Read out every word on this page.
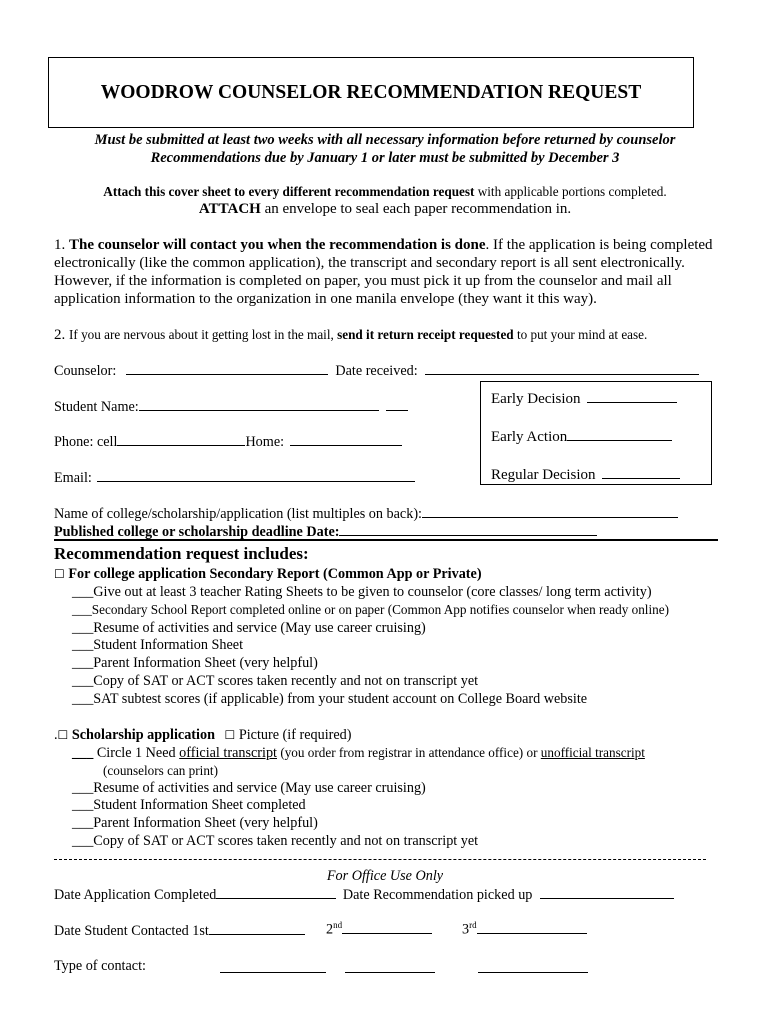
WOODROW COUNSELOR RECOMMENDATION REQUEST
Must be submitted at least two weeks with all necessary information before returned by counselor
Recommendations due by January 1 or later must be submitted by December 3
Attach this cover sheet to every different recommendation request with applicable portions completed.
ATTACH an envelope to seal each paper recommendation in.
1. The counselor will contact you when the recommendation is done. If the application is being completed electronically (like the common application), the transcript and secondary report is all sent electronically. However, if the information is completed on paper, you must pick it up from the counselor and mail all application information to the organization in one manila envelope (they want it this way).
2. If you are nervous about it getting lost in the mail, send it return receipt requested to put your mind at ease.
Counselor:	Date received:
Student Name:
Phone: cell	Home:
Email:
Early Decision
Early Action
Regular Decision
Name of college/scholarship/application (list multiples on back):
Published college or scholarship deadline Date:
Recommendation request includes:
☐ For college application Secondary Report (Common App or Private)
___Give out at least 3 teacher Rating Sheets to be given to counselor (core classes/ long term activity)
___Secondary School Report completed online or on paper (Common App notifies counselor when ready online)
___Resume of activities and service (May use career cruising)
___Student Information Sheet
___Parent Information Sheet (very helpful)
___Copy of SAT or ACT scores taken recently and not on transcript yet
___SAT subtest scores (if applicable) from your student account on College Board website
.☐ Scholarship application ☐ Picture (if required)
___ Circle 1 Need official transcript (you order from registrar in attendance office) or unofficial transcript
(counselors can print)
___Resume of activities and service (May use career cruising)
___Student Information Sheet completed
___Parent Information Sheet (very helpful)
___Copy of SAT or ACT scores taken recently and not on transcript yet
For Office Use Only
Date Application Completed	Date Recommendation picked up
Date Student Contacted 1st	2nd	3rd
Type of contact:
